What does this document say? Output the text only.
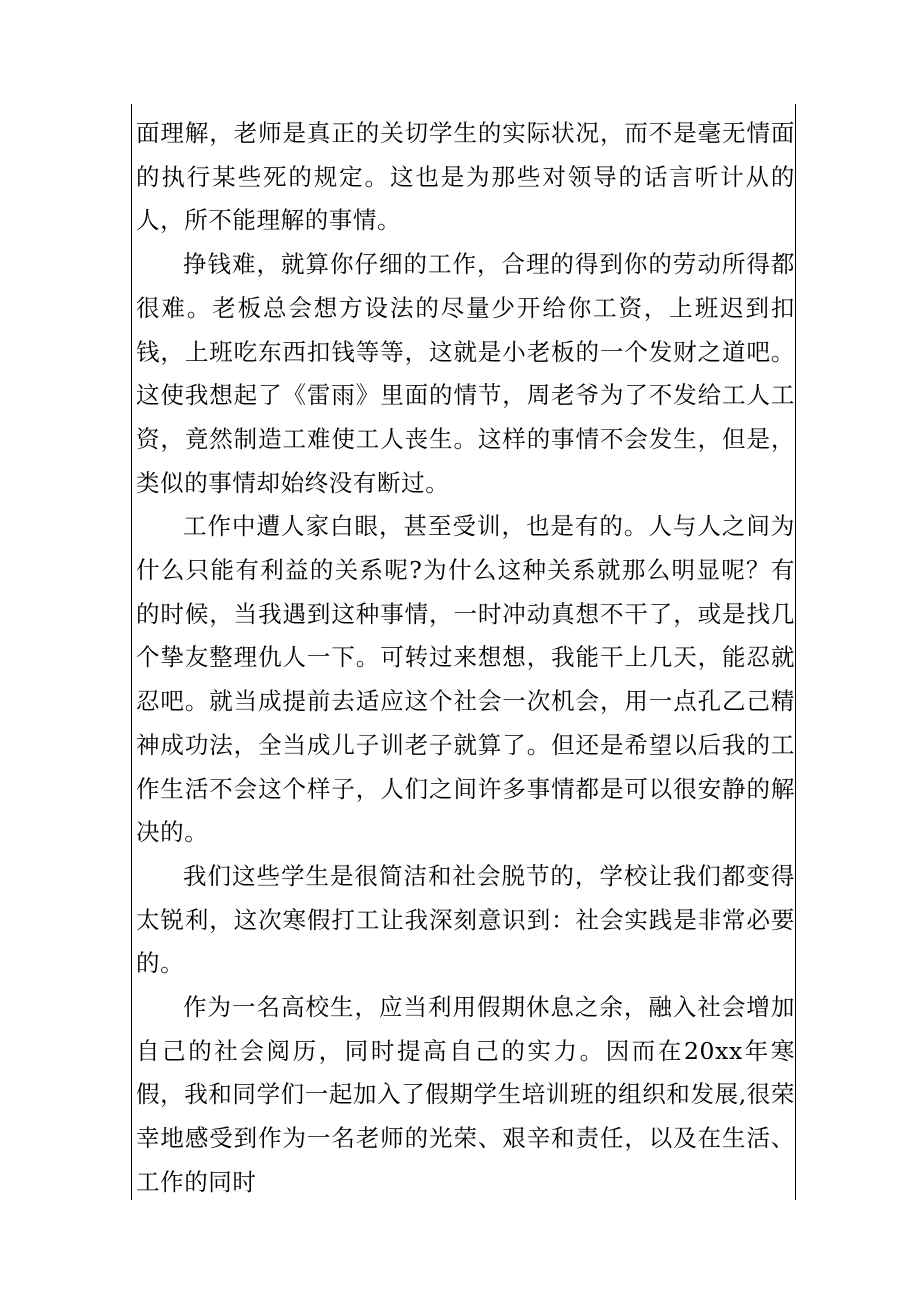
面理解，老师是真正的关切学生的实际状况，而不是毫无情面的执行某些死的规定。这也是为那些对领导的话言听计从的人，所不能理解的事情。

挣钱难，就算你仔细的工作，合理的得到你的劳动所得都很难。老板总会想方设法的尽量少开给你工资，上班迟到扣钱，上班吃东西扣钱等等，这就是小老板的一个发财之道吧。这使我想起了《雷雨》里面的情节，周老爷为了不发给工人工资，竟然制造工难使工人丧生。这样的事情不会发生，但是，类似的事情却始终没有断过。

工作中遭人家白眼，甚至受训，也是有的。人与人之间为什么只能有利益的关系呢?为什么这种关系就那么明显呢？有的时候，当我遇到这种事情，一时冲动真想不干了，或是找几个挚友整理仇人一下。可转过来想想，我能干上几天，能忍就忍吧。就当成提前去适应这个社会一次机会，用一点孔乙己精神成功法，全当成儿子训老子就算了。但还是希望以后我的工作生活不会这个样子，人们之间许多事情都是可以很安静的解决的。

我们这些学生是很简洁和社会脱节的，学校让我们都变得太锐利，这次寒假打工让我深刻意识到：社会实践是非常必要的。

作为一名高校生，应当利用假期休息之余，融入社会增加自己的社会阅历，同时提高自己的实力。因而在20xx年寒假，我和同学们一起加入了假期学生培训班的组织和发展,很荣幸地感受到作为一名老师的光荣、艰辛和责任，以及在生活、工作的同时
